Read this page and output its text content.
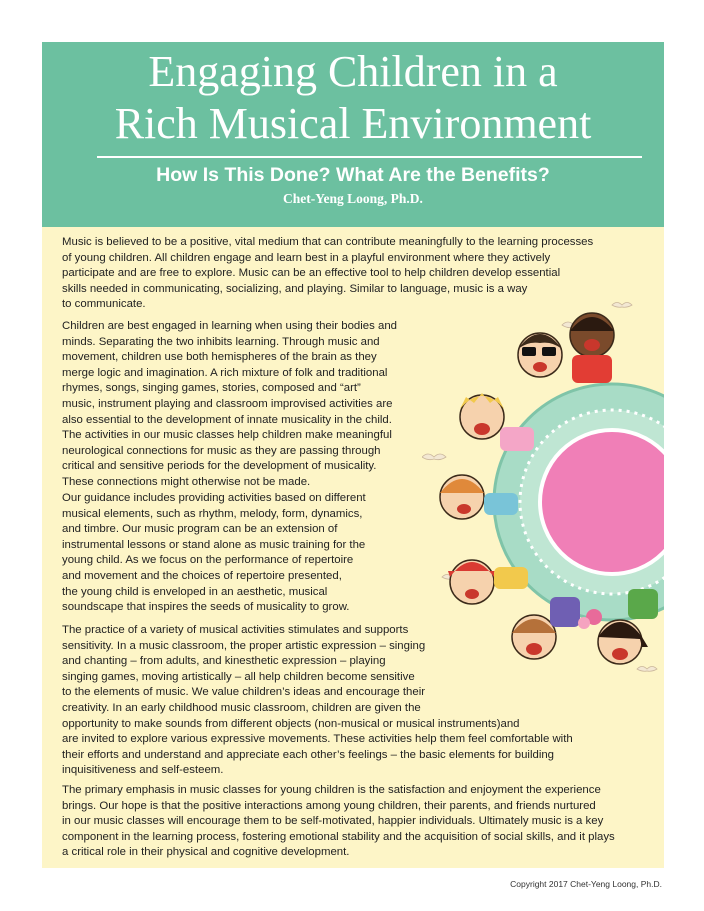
Engaging Children in a
Rich Musical Environment
How Is This Done? What Are the Benefits?
Chet-Yeng Loong, Ph.D.
Music is believed to be a positive, vital medium that can contribute meaningfully to the learning processes
of young children. All children engage and learn best in a playful environment where they actively
participate and are free to explore. Music can be an effective tool to help children develop essential
skills needed in communicating, socializing, and playing. Similar to language, music is a way
to communicate.
Children are best engaged in learning when using their bodies and
minds. Separating the two inhibits learning. Through music and
movement, children use both hemispheres of the brain as they
merge logic and imagination. A rich mixture of folk and traditional
rhymes, songs, singing games, stories, composed and “art”
music, instrument playing and classroom improvised activities are
also essential to the development of innate musicality in the child.
The activities in our music classes help children make meaningful
neurological connections for music as they are passing through
critical and sensitive periods for the development of musicality.
These connections might otherwise not be made.
Our guidance includes providing activities based on different
musical elements, such as rhythm, melody, form, dynamics,
and timbre. Our music program can be an extension of
instrumental lessons or stand alone as music training for the
young child. As we focus on the performance of repertoire
and movement and the choices of repertoire presented,
the young child is enveloped in an aesthetic, musical
soundscape that inspires the seeds of musicality to grow.
The practice of a variety of musical activities stimulates and supports
sensitivity. In a music classroom, the proper artistic expression – singing
and chanting – from adults, and kinesthetic expression – playing
singing games, moving artistically – all help children become sensitive
to the elements of music. We value children’s ideas and encourage their
creativity. In an early childhood music classroom, children are given the
opportunity to make sounds from different objects (non-musical or musical instruments)and
are invited to explore various expressive movements. These activities help them feel comfortable with
their efforts and understand and appreciate each other’s feelings – the basic elements for building
inquisitiveness and self-esteem.
The primary emphasis in music classes for young children is the satisfaction and enjoyment the experience
brings. Our hope is that the positive interactions among young children, their parents, and friends nurtured
in our music classes will encourage them to be self-motivated, happier individuals. Ultimately music is a key
component in the learning process, fostering emotional stability and the acquisition of social skills, and it plays
a critical role in their physical and cognitive development.
Copyright 2017 Chet-Yeng Loong, Ph.D.
